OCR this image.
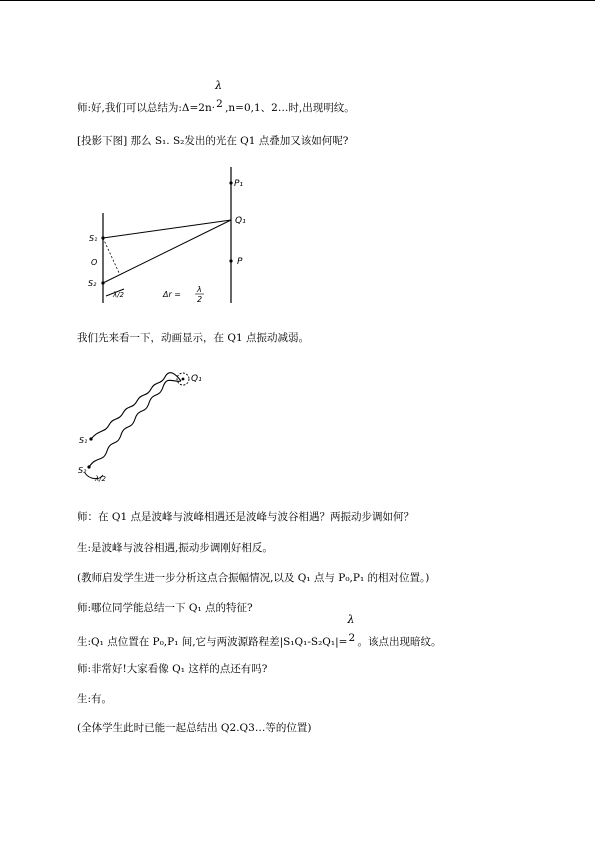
师:好,我们可以总结为:Δ=2n·
λ
2 ,n=0,1、2…时,出现明纹。
[投影下图] 那么 S₁. S₂发出的光在 Q1 点叠加又该如何呢?
P₁
Q₁
S₁
O	P
S₂
λ/2	Δr =
λ
2
我们先来看一下，动画显示，在 Q1 点振动减弱。
Q₁
S₁
S₂
λ/2
师：在 Q1 点是波峰与波峰相遇还是波峰与波谷相遇？两振动步调如何？
生:是波峰与波谷相遇,振动步调刚好相反。
(教师启发学生进一步分析这点合振幅情况,以及 Q₁ 点与 P₀,P₁ 的相对位置。)
师:哪位同学能总结一下 Q₁ 点的特征?
生:Q₁ 点位置在 P₀,P₁ 间,它与两波源路程差|S₁Q₁-S₂Q₁|=
λ
2 。该点出现暗纹。
师:非常好!大家看像 Q₁ 这样的点还有吗?
生:有。
(全体学生此时已能一起总结出 Q2.Q3…等的位置)
